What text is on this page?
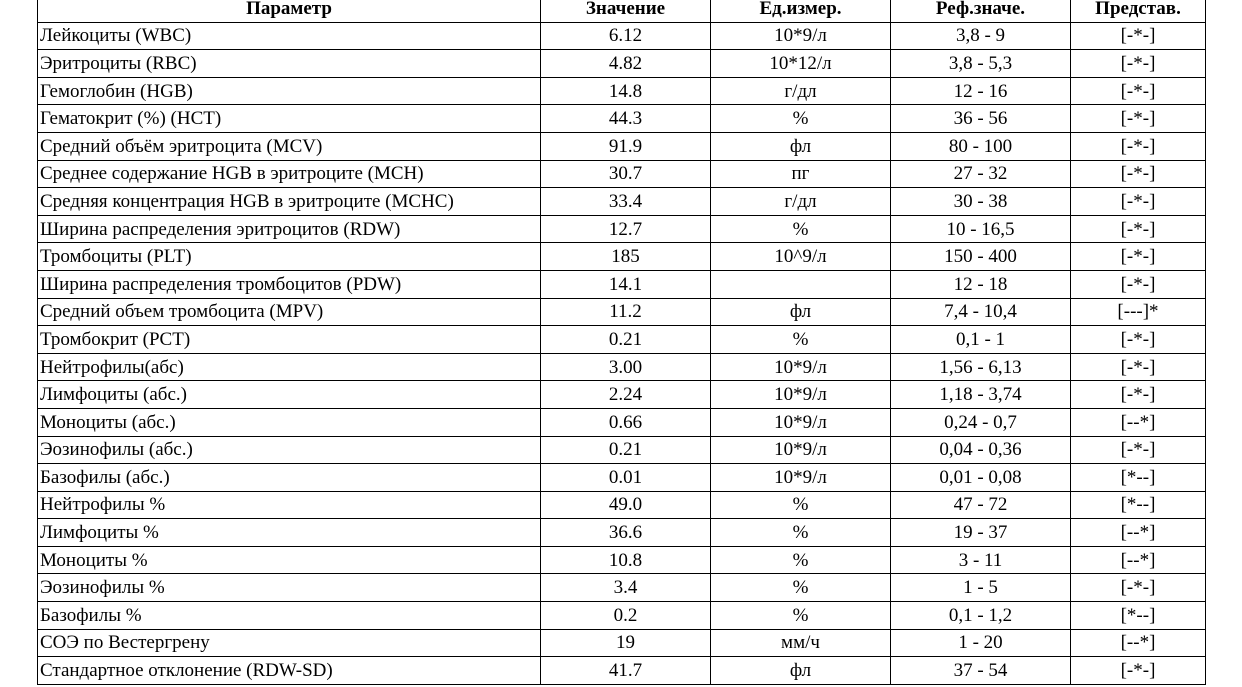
Параметр	Значение	Ед.измер.	Реф.значе.	Представ.
Лейкоциты (WBC)	6.12	10*9/л	3,8 - 9	[-*-]
Эритроциты (RBC)	4.82	10*12/л	3,8 - 5,3	[-*-]
Гемоглобин (HGB)	14.8	г/дл	12 - 16	[-*-]
Гематокрит (%) (HCT)	44.3	%	36 - 56	[-*-]
Средний объём эритроцита (MCV)	91.9	фл	80 - 100	[-*-]
Среднее содержание HGB в эритроците (MCH)	30.7	пг	27 - 32	[-*-]
Средняя концентрация HGB в эритроците (MCHC)	33.4	г/дл	30 - 38	[-*-]
Ширина распределения эритроцитов (RDW)	12.7	%	10 - 16,5	[-*-]
Тромбоциты (PLT)	185	10^9/л	150 - 400	[-*-]
Ширина распределения тромбоцитов (PDW)	14.1		12 - 18	[-*-]
Средний объем тромбоцита (MPV)	11.2	фл	7,4 - 10,4	[---]*
Тромбокрит (PCT)	0.21	%	0,1 - 1	[-*-]
Нейтрофилы(абс)	3.00	10*9/л	1,56 - 6,13	[-*-]
Лимфоциты (абс.)	2.24	10*9/л	1,18 - 3,74	[-*-]
Моноциты (абс.)	0.66	10*9/л	0,24 - 0,7	[--*]
Эозинофилы (абс.)	0.21	10*9/л	0,04 - 0,36	[-*-]
Базофилы (абс.)	0.01	10*9/л	0,01 - 0,08	[*--]
Нейтрофилы %	49.0	%	47 - 72	[*--]
Лимфоциты %	36.6	%	19 - 37	[--*]
Моноциты %	10.8	%	3 - 11	[--*]
Эозинофилы %	3.4	%	1 - 5	[-*-]
Базофилы %	0.2	%	0,1 - 1,2	[*--]
СОЭ по Вестергрену	19	мм/ч	1 - 20	[--*]
Стандартное отклонение (RDW-SD)	41.7	фл	37 - 54	[-*-]
